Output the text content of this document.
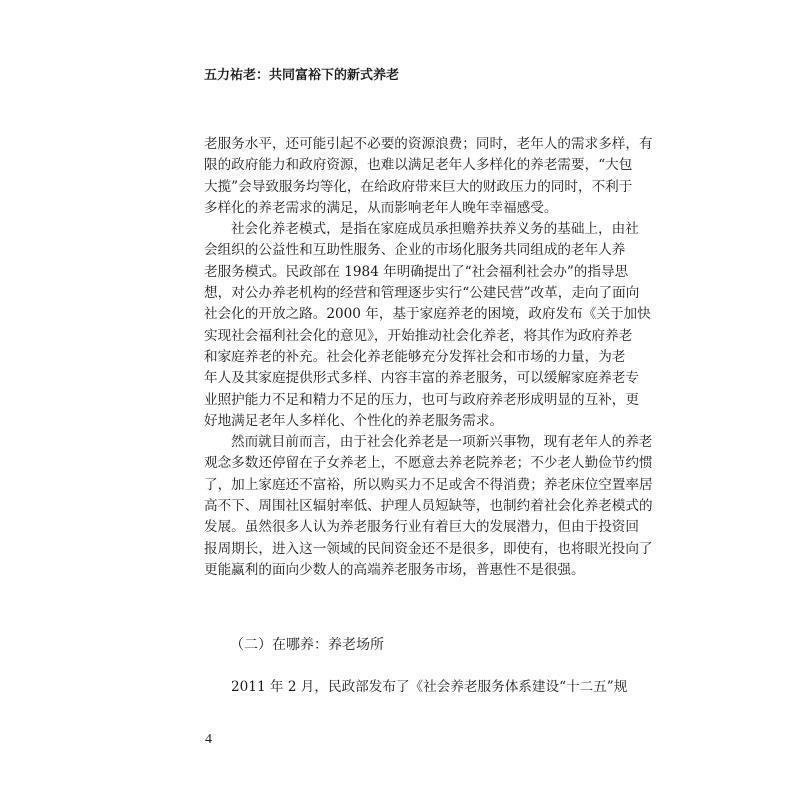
五力祐老：共同富裕下的新式养老
老服务水平，还可能引起不必要的资源浪费；同时，老年人的需求多样，有
限的政府能力和政府资源，也难以满足老年人多样化的养老需要，“大包
大揽”会导致服务均等化，在给政府带来巨大的财政压力的同时，不利于
多样化的养老需求的满足，从而影响老年人晚年幸福感受。
社会化养老模式，是指在家庭成员承担赡养扶养义务的基础上，由社
会组织的公益性和互助性服务、企业的市场化服务共同组成的老年人养
老服务模式。民政部在 1984 年明确提出了“社会福利社会办”的指导思
想，对公办养老机构的经营和管理逐步实行“公建民营”改革，走向了面向
社会化的开放之路。2000 年，基于家庭养老的困境，政府发布《关于加快
实现社会福利社会化的意见》，开始推动社会化养老，将其作为政府养老
和家庭养老的补充。社会化养老能够充分发挥社会和市场的力量，为老
年人及其家庭提供形式多样、内容丰富的养老服务，可以缓解家庭养老专
业照护能力不足和精力不足的压力，也可与政府养老形成明显的互补，更
好地满足老年人多样化、个性化的养老服务需求。
然而就目前而言，由于社会化养老是一项新兴事物，现有老年人的养老
观念多数还停留在子女养老上，不愿意去养老院养老；不少老人勤俭节约惯
了，加上家庭还不富裕，所以购买力不足或舍不得消费；养老床位空置率居
高不下、周围社区辐射率低、护理人员短缺等，也制约着社会化养老模式的
发展。虽然很多人认为养老服务行业有着巨大的发展潜力，但由于投资回
报周期长，进入这一领域的民间资金还不是很多，即使有，也将眼光投向了
更能赢利的面向少数人的高端养老服务市场，普惠性不是很强。
（二）在哪养：养老场所
2011 年 2 月，民政部发布了《社会养老服务体系建设“十二五”规
4
